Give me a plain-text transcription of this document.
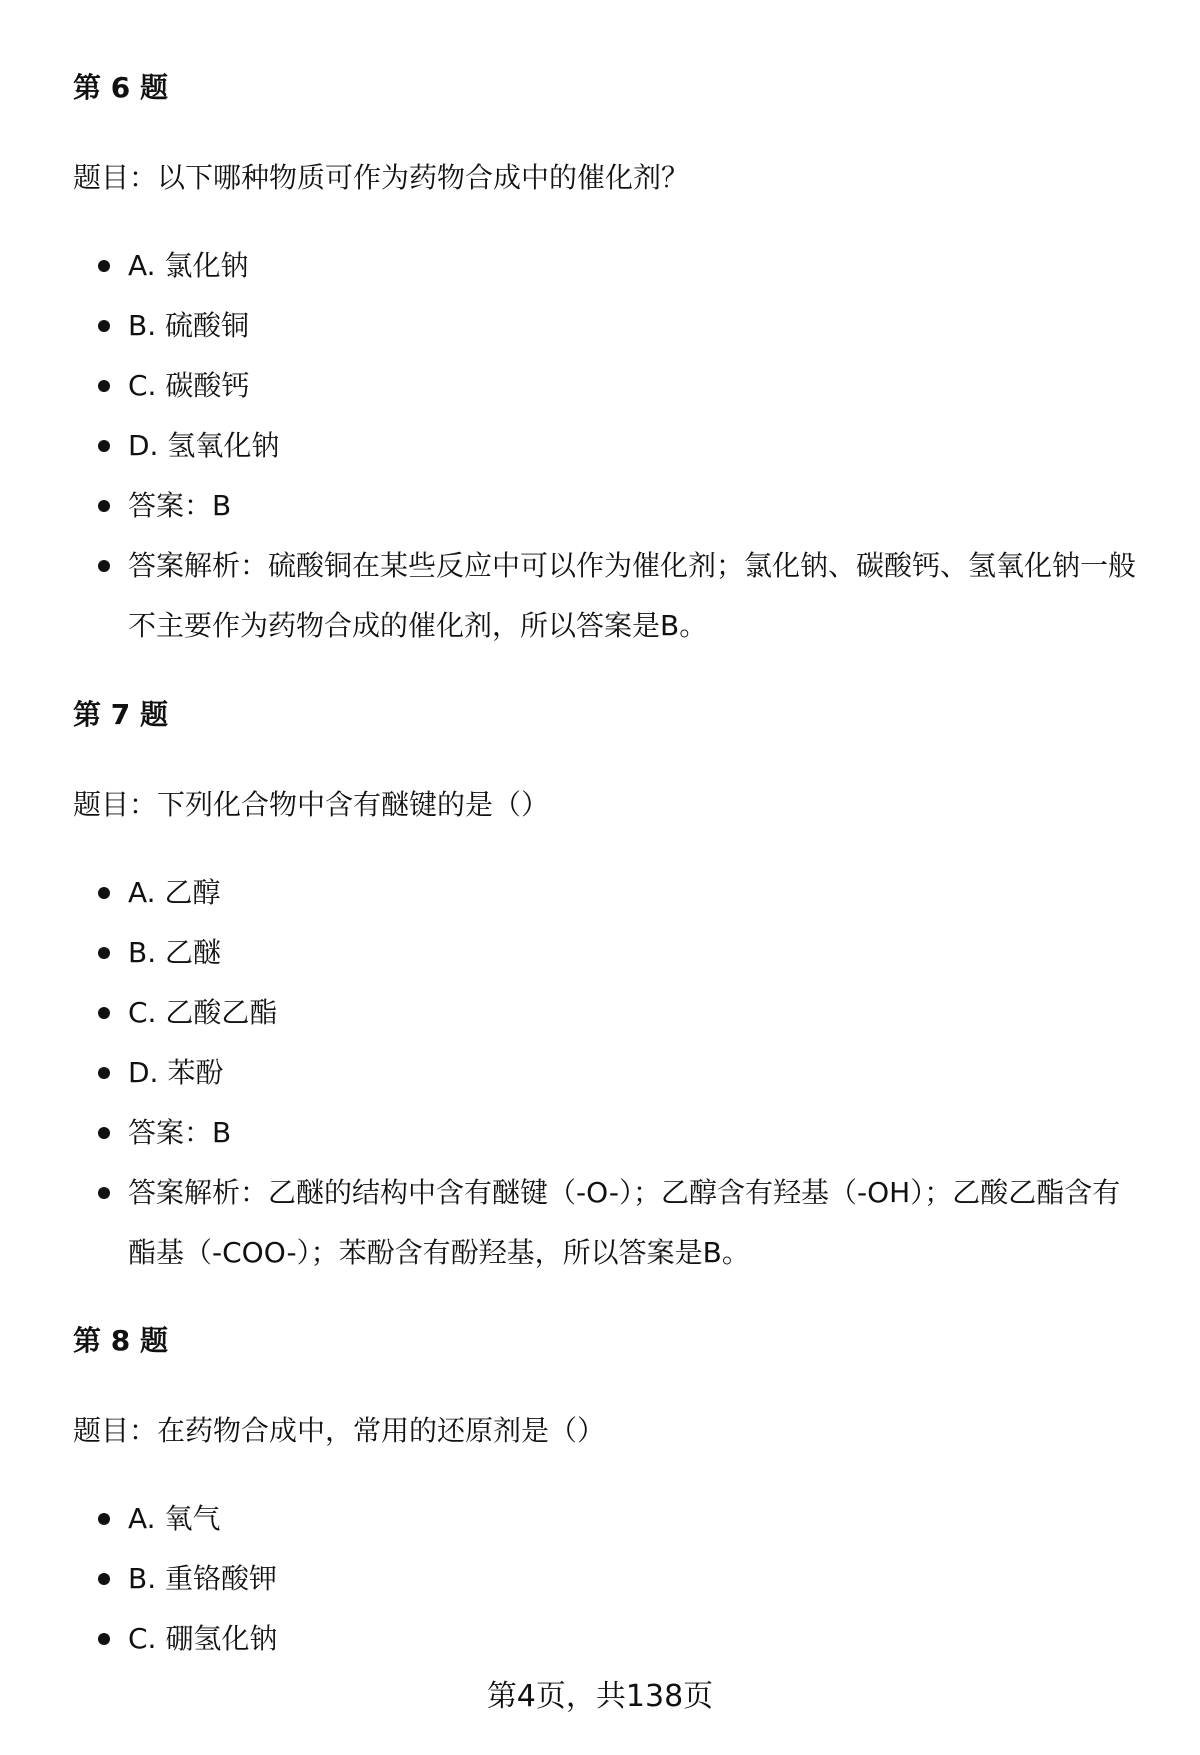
第 6 题

题目：以下哪种物质可作为药物合成中的催化剂？

A. 氯化钠
B. 硫酸铜
C. 碳酸钙
D. 氢氧化钠
答案：B
答案解析：硫酸铜在某些反应中可以作为催化剂；氯化钠、碳酸钙、氢氧化钠一般不主要作为药物合成的催化剂，所以答案是B。
第 7 题

题目：下列化合物中含有醚键的是（）

A. 乙醇
B. 乙醚
C. 乙酸乙酯
D. 苯酚
答案：B
答案解析：乙醚的结构中含有醚键（-O-）；乙醇含有羟基（-OH）；乙酸乙酯含有酯基（-COO-）；苯酚含有酚羟基，所以答案是B。
第 8 题

题目：在药物合成中，常用的还原剂是（）

A. 氧气
B. 重铬酸钾
C. 硼氢化钠
第4页，共138页
